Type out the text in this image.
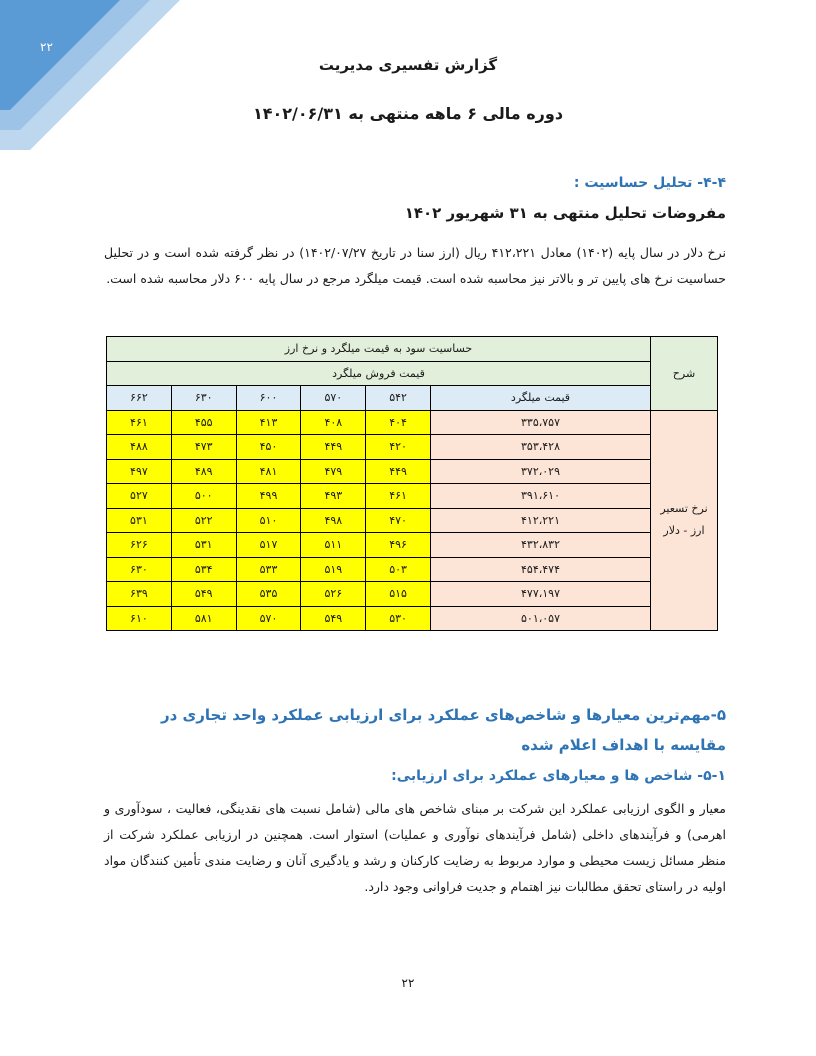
۲۲
گزارش تفسیری مدیریت
دوره مالی ۶ ماهه منتهی به ۱۴۰۲/۰۶/۳۱
۴-۴- تحلیل حساسیت :
مفروضات تحلیل منتهی به ۳۱ شهریور ۱۴۰۲
نرخ دلار در سال پایه (۱۴۰۲) معادل ۴۱۲،۲۲۱ ریال (ارز سنا در تاریخ ۱۴۰۲/۰۷/۲۷) در نظر گرفته شده است و در تحلیل حساسیت نرخ های پایین تر و بالاتر نیز محاسبه شده است. قیمت میلگرد مرجع در سال پایه ۶۰۰ دلار محاسبه شده است.
شرح	حساسیت سود به قیمت میلگرد و نرخ ارز					
	قیمت فروش میلگرد					
	قیمت میلگرد	۵۴۲	۵۷۰	۶۰۰	۶۳۰	۶۶۲
نرخ تسعیر ارز - دلار	۳۳۵،۷۵۷	۴۰۴	۴۰۸	۴۱۳	۴۵۵	۴۶۱
	۳۵۳،۴۲۸	۴۲۰	۴۴۹	۴۵۰	۴۷۳	۴۸۸
	۳۷۲،۰۲۹	۴۴۹	۴۷۹	۴۸۱	۴۸۹	۴۹۷
	۳۹۱،۶۱۰	۴۶۱	۴۹۳	۴۹۹	۵۰۰	۵۲۷
	۴۱۲،۲۲۱	۴۷۰	۴۹۸	۵۱۰	۵۲۲	۵۳۱
	۴۳۲،۸۳۲	۴۹۶	۵۱۱	۵۱۷	۵۳۱	۶۲۶
	۴۵۴،۴۷۴	۵۰۳	۵۱۹	۵۳۳	۵۳۴	۶۳۰
	۴۷۷،۱۹۷	۵۱۵	۵۲۶	۵۳۵	۵۴۹	۶۳۹
	۵۰۱،۰۵۷	۵۳۰	۵۴۹	۵۷۰	۵۸۱	۶۱۰
۵-مهم‌ترین معیارها و شاخص‌های عملکرد برای ارزیابی عملکرد واحد تجاری در مقایسه با اهداف اعلام شده
۵-۱- شاخص ها و معیارهای عملکرد برای ارزیابی:
معیار و الگوی ارزیابی عملکرد این شرکت بر مبنای شاخص های مالی (شامل نسبت های نقدینگی، فعالیت ، سودآوری و اهرمی) و فرآیندهای داخلی (شامل فرآیندهای نوآوری و عملیات) استوار است. همچنین در ارزیابی عملکرد شرکت از منظر مسائل زیست محیطی و موارد مربوط به رضایت کارکنان و رشد و یادگیری آنان و رضایت مندی تأمین کنندگان مواد اولیه در راستای تحقق مطالبات نیز اهتمام و جدیت فراوانی وجود دارد.
۲۲
